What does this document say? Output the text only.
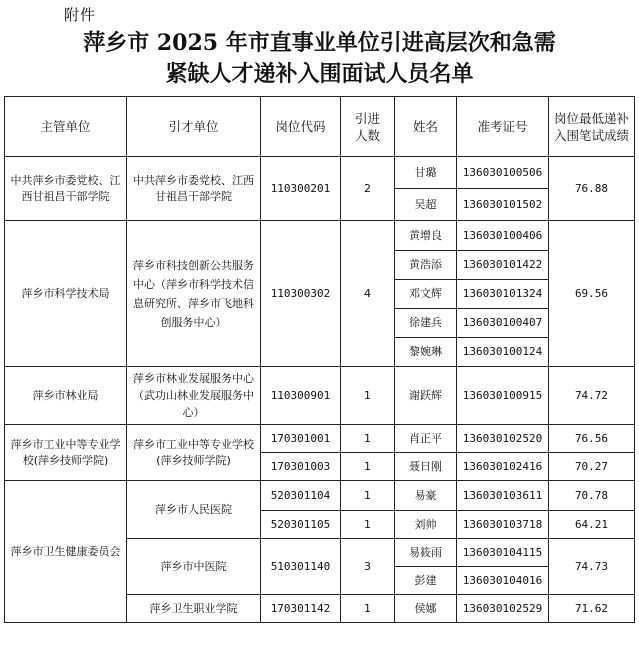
附件
萍乡市 2025 年市直事业单位引进高层次和急需
紧缺人才递补入围面试人员名单
主管单位	引才单位	岗位代码	引进人数	姓名	准考证号	岗位最低递补入围笔试成绩
中共萍乡市委党校、江西甘祖昌干部学院	中共萍乡市委党校、江西甘祖昌干部学院	110300201	2	甘璐	136030100506	76.88
				吴超	136030101502	
萍乡市科学技术局	萍乡市科技创新公共服务中心（萍乡市科学技术信息研究所、萍乡市飞地科创服务中心）	110300302	4	黄增良	136030100406	69.56
				黄浩添	136030101422	
				邓文辉	136030101324	
				徐建兵	136030100407	
				黎婉琳	136030100124	
萍乡市林业局	萍乡市林业发展服务中心（武功山林业发展服务中心）	110300901	1	谢跃辉	136030100915	74.72
萍乡市工业中等专业学校(萍乡技师学院)	萍乡市工业中等专业学校(萍乡技师学院)	170301001	1	肖正平	136030102520	76.56
		170301003	1	聂日刚	136030102416	70.27
萍乡市卫生健康委员会	萍乡市人民医院	520301104	1	易豪	136030103611	70.78
		520301105	1	刘帅	136030103718	64.21
	萍乡市中医院	510301140	3	易筱雨	136030104115	74.73
				彭建	136030104016	
	萍乡卫生职业学院	170301142	1	侯娜	136030102529	71.62
